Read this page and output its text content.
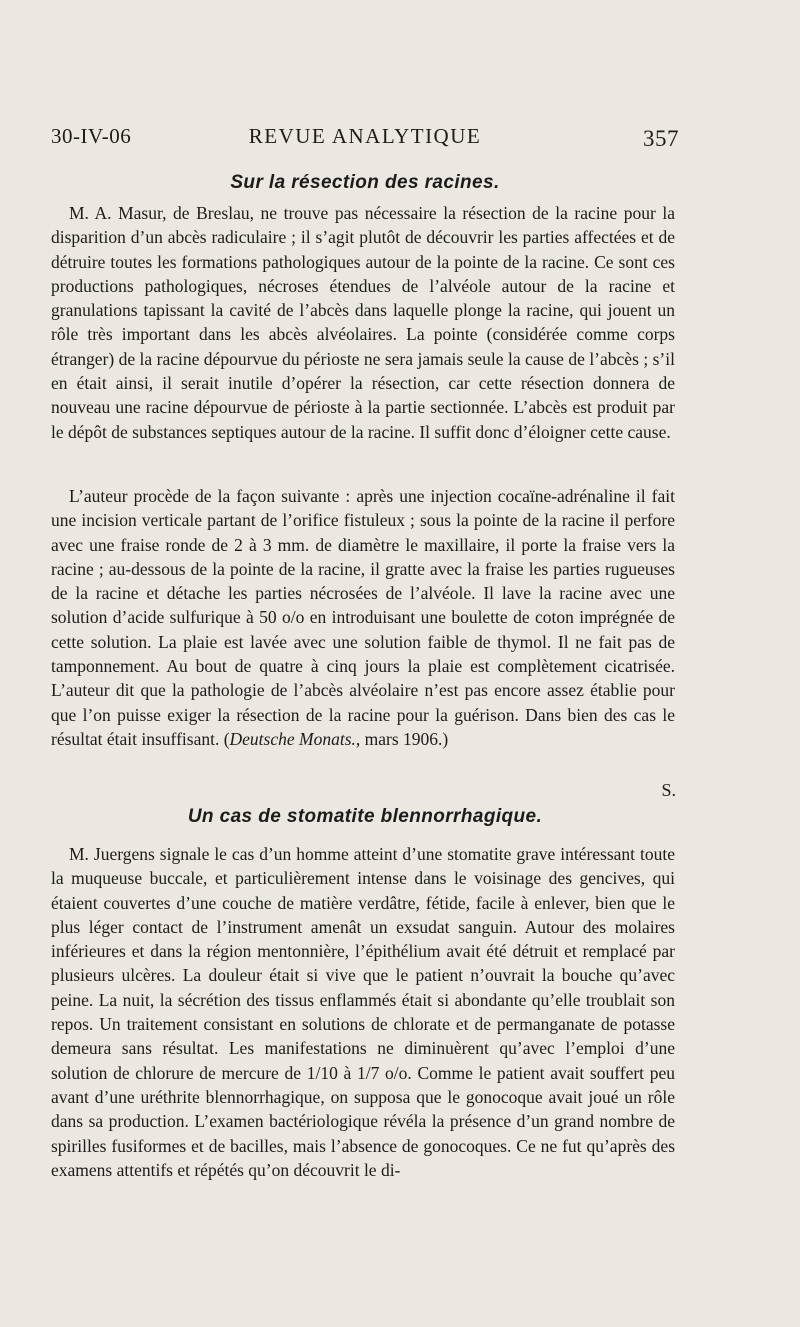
30-IV-06	REVUE ANALYTIQUE	357
Sur la résection des racines.

M. A. Masur, de Breslau, ne trouve pas nécessaire la résection de la racine pour la disparition d’un abcès radiculaire ; il s’agit plutôt de découvrir les parties affectées et de détruire toutes les formations pathologiques autour de la pointe de la racine. Ce sont ces productions pathologiques, nécroses étendues de l’alvéole autour de la racine et granulations tapissant la cavité de l’abcès dans laquelle plonge la racine, qui jouent un rôle très important dans les abcès alvéolaires. La pointe (considérée comme corps étranger) de la racine dépourvue du périoste ne sera jamais seule la cause de l’abcès ; s’il en était ainsi, il serait inutile d’opérer la résection, car cette résection donnera de nouveau une racine dépourvue de périoste à la partie sectionnée. L’abcès est produit par le dépôt de substances septiques autour de la racine. Il suffit donc d’éloigner cette cause.

L’auteur procède de la façon suivante : après une injection cocaïne-adrénaline il fait une incision verticale partant de l’orifice fistuleux ; sous la pointe de la racine il perfore avec une fraise ronde de 2 à 3 mm. de diamètre le maxillaire, il porte la fraise vers la racine ; au-dessous de la pointe de la racine, il gratte avec la fraise les parties rugueuses de la racine et détache les parties nécrosées de l’alvéole. Il lave la racine avec une solution d’acide sulfurique à 50 o/o en introduisant une boulette de coton imprégnée de cette solution. La plaie est lavée avec une solution faible de thymol. Il ne fait pas de tamponnement. Au bout de quatre à cinq jours la plaie est complètement cicatrisée. L’auteur dit que la pathologie de l’abcès alvéolaire n’est pas encore assez établie pour que l’on puisse exiger la résection de la racine pour la guérison. Dans bien des cas le résultat était insuffisant. (Deutsche Monats., mars 1906.)

S.
Un cas de stomatite blennorrhagique.

M. Juergens signale le cas d’un homme atteint d’une stomatite grave intéressant toute la muqueuse buccale, et particulièrement intense dans le voisinage des gencives, qui étaient couvertes d’une couche de matière verdâtre, fétide, facile à enlever, bien que le plus léger contact de l’instrument amenât un exsudat sanguin. Autour des molaires inférieures et dans la région mentonnière, l’épithélium avait été détruit et remplacé par plusieurs ulcères. La douleur était si vive que le patient n’ouvrait la bouche qu’avec peine. La nuit, la sécrétion des tissus enflammés était si abondante qu’elle troublait son repos. Un traitement consistant en solutions de chlorate et de permanganate de potasse demeura sans résultat. Les manifestations ne diminuèrent qu’avec l’emploi d’une solution de chlorure de mercure de 1/10 à 1/7 o/o. Comme le patient avait souffert peu avant d’une uréthrite blennorrhagique, on supposa que le gonocoque avait joué un rôle dans sa production. L’examen bactériologique révéla la présence d’un grand nombre de spirilles fusiformes et de bacilles, mais l’absence de gonocoques. Ce ne fut qu’après des examens attentifs et répétés qu’on découvrit le di-
